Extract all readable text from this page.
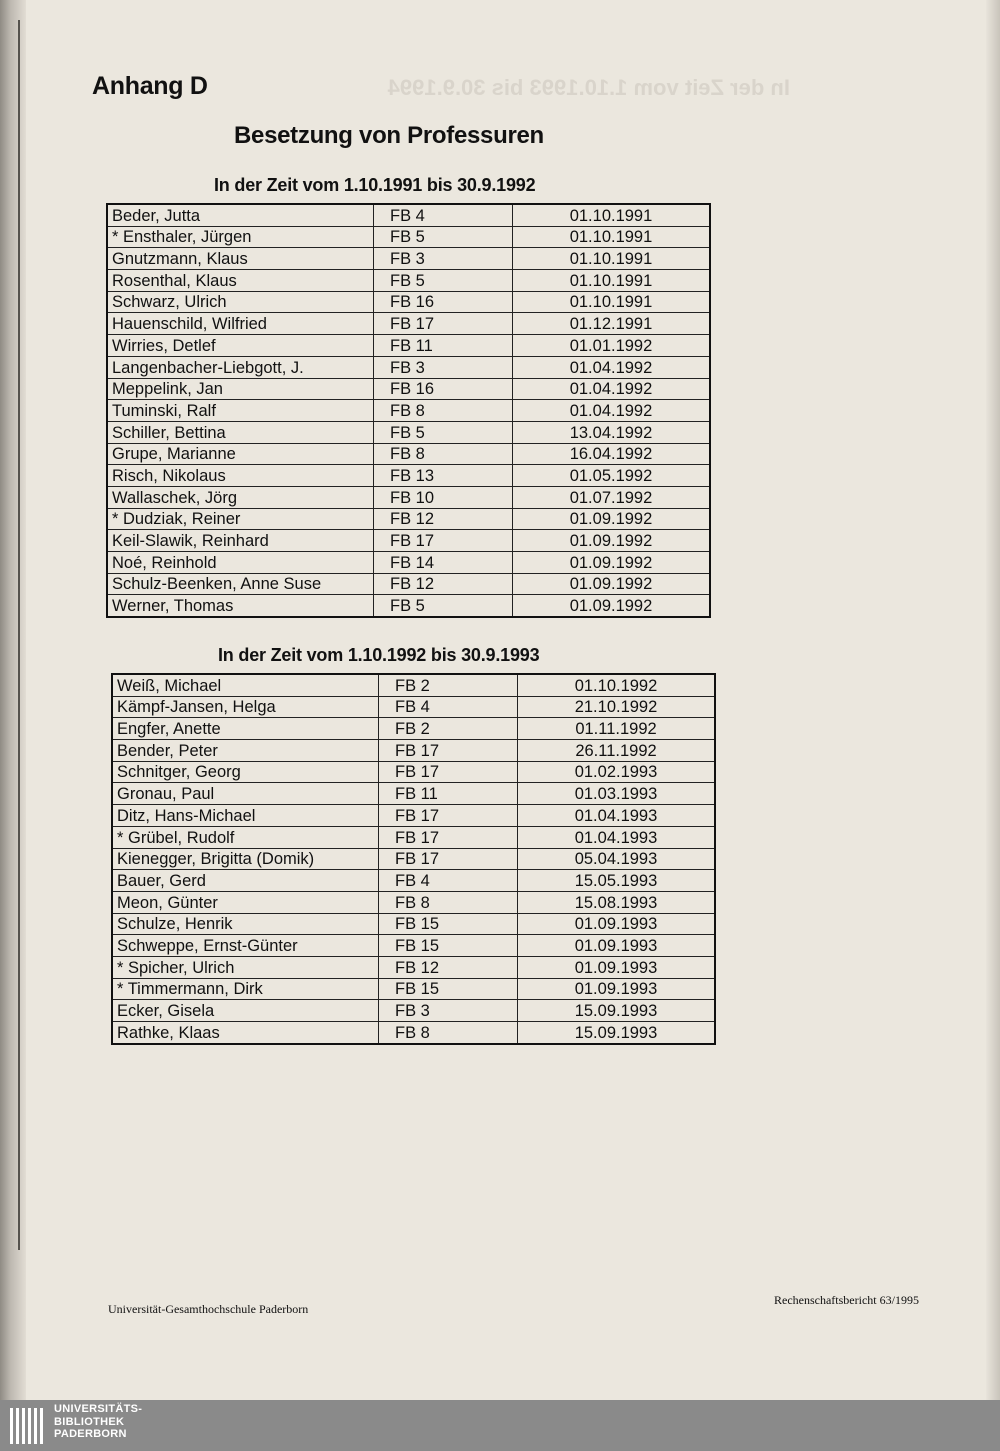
In der Zeit vom 1.10.1993 bis 30.9.1994
Anhang D
Besetzung von Professuren
In der Zeit vom 1.10.1991 bis 30.9.1992
Beder, Jutta	FB 4	01.10.1991
* Ensthaler, Jürgen	FB 5	01.10.1991
Gnutzmann, Klaus	FB 3	01.10.1991
Rosenthal, Klaus	FB 5	01.10.1991
Schwarz, Ulrich	FB 16	01.10.1991
Hauenschild, Wilfried	FB 17	01.12.1991
Wirries, Detlef	FB 11	01.01.1992
Langenbacher-Liebgott, J.	FB 3	01.04.1992
Meppelink, Jan	FB 16	01.04.1992
Tuminski, Ralf	FB 8	01.04.1992
Schiller, Bettina	FB 5	13.04.1992
Grupe, Marianne	FB 8	16.04.1992
Risch, Nikolaus	FB 13	01.05.1992
Wallaschek, Jörg	FB 10	01.07.1992
* Dudziak, Reiner	FB 12	01.09.1992
Keil-Slawik, Reinhard	FB 17	01.09.1992
Noé, Reinhold	FB 14	01.09.1992
Schulz-Beenken, Anne Suse	FB 12	01.09.1992
Werner, Thomas	FB 5	01.09.1992
In der Zeit vom 1.10.1992 bis 30.9.1993
Weiß, Michael	FB 2	01.10.1992
Kämpf-Jansen, Helga	FB 4	21.10.1992
Engfer, Anette	FB 2	01.11.1992
Bender, Peter	FB 17	26.11.1992
Schnitger, Georg	FB 17	01.02.1993
Gronau, Paul	FB 11	01.03.1993
Ditz, Hans-Michael	FB 17	01.04.1993
* Grübel, Rudolf	FB 17	01.04.1993
Kienegger, Brigitta (Domik)	FB 17	05.04.1993
Bauer, Gerd	FB 4	15.05.1993
Meon, Günter	FB 8	15.08.1993
Schulze, Henrik	FB 15	01.09.1993
Schweppe, Ernst-Günter	FB 15	01.09.1993
* Spicher, Ulrich	FB 12	01.09.1993
* Timmermann, Dirk	FB 15	01.09.1993
Ecker, Gisela	FB 3	15.09.1993
Rathke, Klaas	FB 8	15.09.1993
Universität-Gesamthochschule Paderborn
Rechenschaftsbericht 63/1995
UNIVERSITÄTS-
BIBLIOTHEK
PADERBORN
